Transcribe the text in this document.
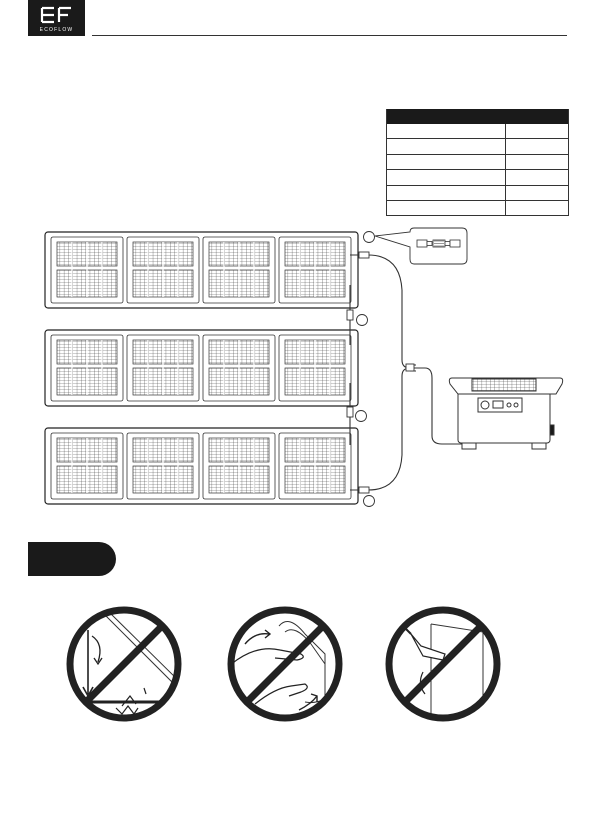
ECOFLOW
